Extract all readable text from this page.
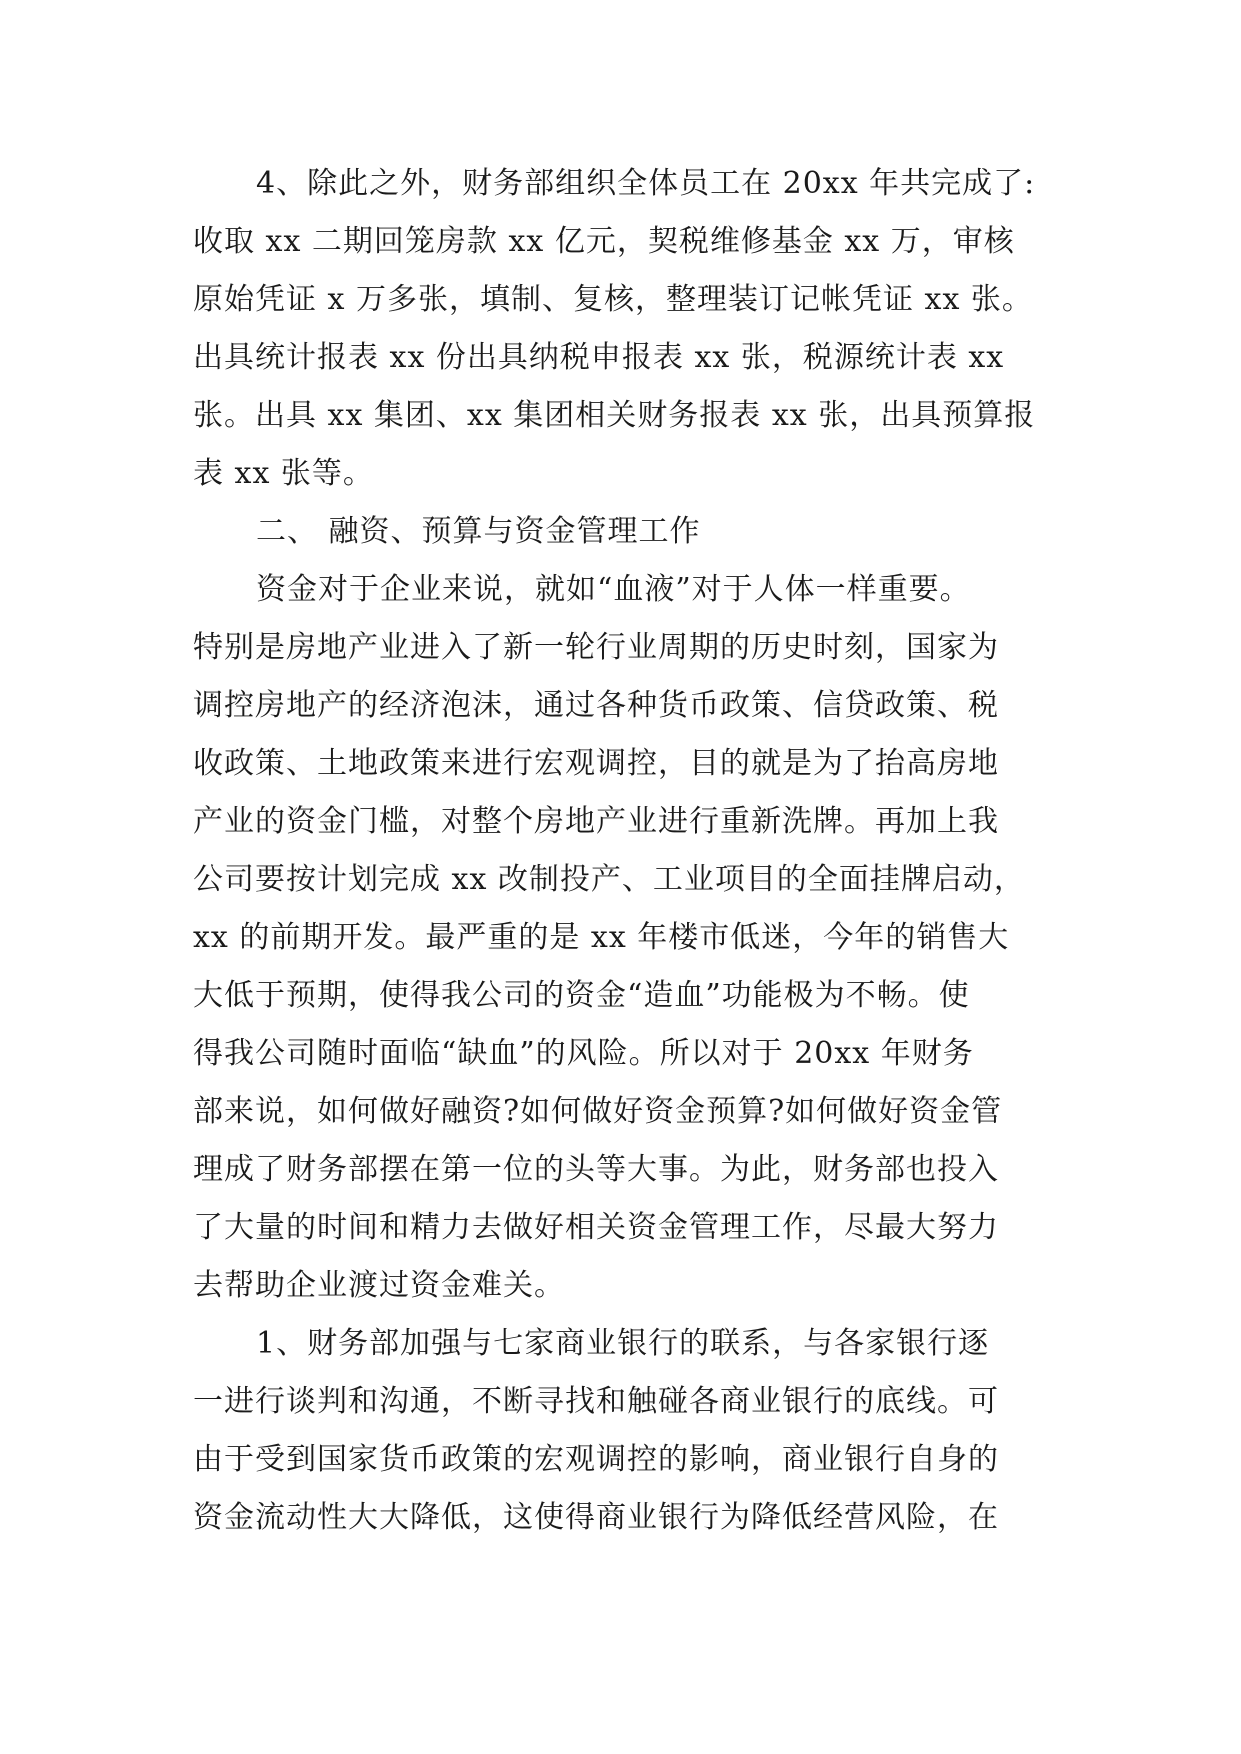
4、除此之外，财务部组织全体员工在 20xx 年共完成了:

收取 xx 二期回笼房款 xx 亿元，契税维修基金 xx 万，审核

原始凭证 x 万多张，填制、复核，整理装订记帐凭证 xx 张。

出具统计报表 xx 份出具纳税申报表 xx 张，税源统计表 xx

张。出具 xx 集团、xx 集团相关财务报表 xx 张，出具预算报

表 xx 张等。

二、 融资、预算与资金管理工作

资金对于企业来说，就如“血液”对于人体一样重要。

特别是房地产业进入了新一轮行业周期的历史时刻，国家为

调控房地产的经济泡沫，通过各种货币政策、信贷政策、税

收政策、土地政策来进行宏观调控，目的就是为了抬高房地

产业的资金门槛，对整个房地产业进行重新洗牌。再加上我

公司要按计划完成 xx 改制投产、工业项目的全面挂牌启动，

xx 的前期开发。最严重的是 xx 年楼市低迷，今年的销售大

大低于预期，使得我公司的资金“造血”功能极为不畅。使

得我公司随时面临“缺血”的风险。所以对于 20xx 年财务

部来说，如何做好融资?如何做好资金预算?如何做好资金管

理成了财务部摆在第一位的头等大事。为此，财务部也投入

了大量的时间和精力去做好相关资金管理工作，尽最大努力

去帮助企业渡过资金难关。

1、财务部加强与七家商业银行的联系，与各家银行逐

一进行谈判和沟通，不断寻找和触碰各商业银行的底线。可

由于受到国家货币政策的宏观调控的影响，商业银行自身的

资金流动性大大降低，这使得商业银行为降低经营风险，在
